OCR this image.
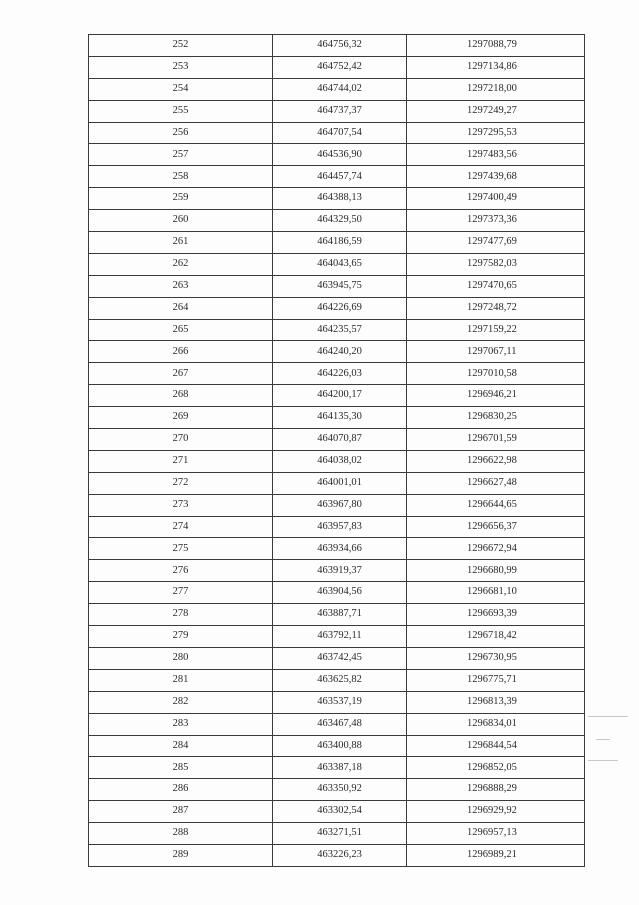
252	464756,32	1297088,79
253	464752,42	1297134,86
254	464744,02	1297218,00
255	464737,37	1297249,27
256	464707,54	1297295,53
257	464536,90	1297483,56
258	464457,74	1297439,68
259	464388,13	1297400,49
260	464329,50	1297373,36
261	464186,59	1297477,69
262	464043,65	1297582,03
263	463945,75	1297470,65
264	464226,69	1297248,72
265	464235,57	1297159,22
266	464240,20	1297067,11
267	464226,03	1297010,58
268	464200,17	1296946,21
269	464135,30	1296830,25
270	464070,87	1296701,59
271	464038,02	1296622,98
272	464001,01	1296627,48
273	463967,80	1296644,65
274	463957,83	1296656,37
275	463934,66	1296672,94
276	463919,37	1296680,99
277	463904,56	1296681,10
278	463887,71	1296693,39
279	463792,11	1296718,42
280	463742,45	1296730,95
281	463625,82	1296775,71
282	463537,19	1296813,39
283	463467,48	1296834,01
284	463400,88	1296844,54
285	463387,18	1296852,05
286	463350,92	1296888,29
287	463302,54	1296929,92
288	463271,51	1296957,13
289	463226,23	1296989,21
